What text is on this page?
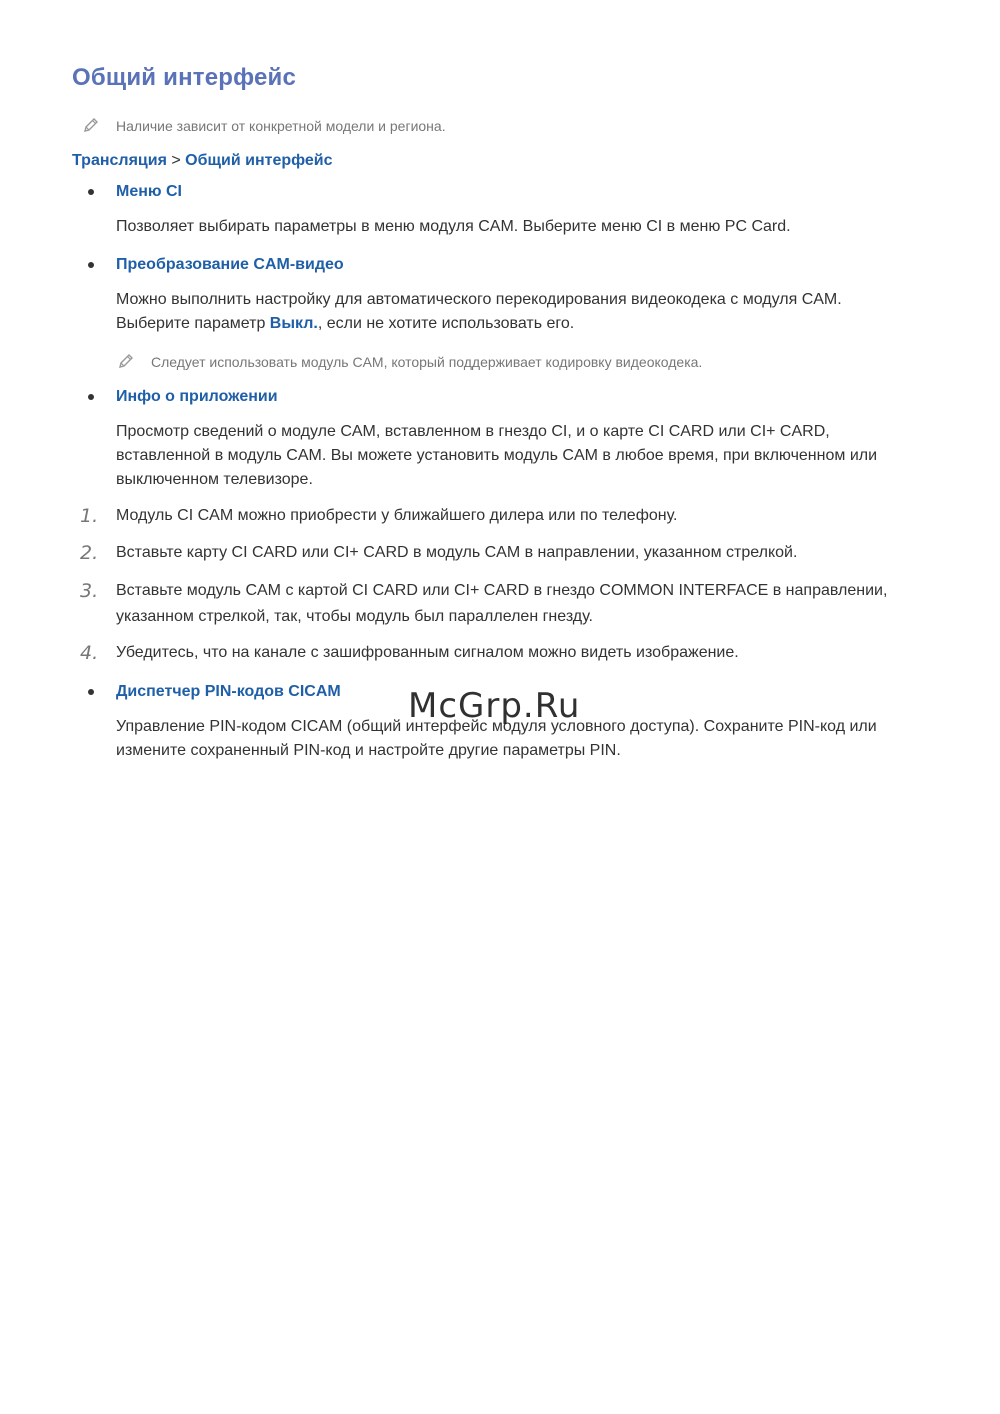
Общий интерфейс
Наличие зависит от конкретной модели и региона.
Трансляция > Общий интерфейс
Меню CI

Позволяет выбирать параметры в меню модуля CAM. Выберите меню CI в меню PC Card.

Преобразование CAM-видео

Можно выполнить настройку для автоматического перекодирования видеокодека с модуля CAM.
Выберите параметр Выкл., если не хотите использовать его.

Следует использовать модуль CAM, который поддерживает кодировку видеокодека.
Инфо о приложении

Просмотр сведений о модуле CAM, вставленном в гнездо CI, и о карте CI CARD или CI+ CARD, вставленной в модуль CAM. Вы можете установить модуль CAM в любое время, при включенном или выключенном телевизоре.

1. Модуль CI CAM можно приобрести у ближайшего дилера или по телефону.
2. Вставьте карту CI CARD или CI+ CARD в модуль CAM в направлении, указанном стрелкой.
3. Вставьте модуль CAM с картой CI CARD или CI+ CARD в гнездо COMMON INTERFACE в направлении, указанном стрелкой, так, чтобы модуль был параллелен гнезду.
4. Убедитесь, что на канале с зашифрованным сигналом можно видеть изображение.
Диспетчер PIN-кодов CICAM

Управление PIN-кодом CICAM (общий интерфейс модуля условного доступа). Сохраните PIN-код или измените сохраненный PIN-код и настройте другие параметры PIN.

McGrp.Ru
